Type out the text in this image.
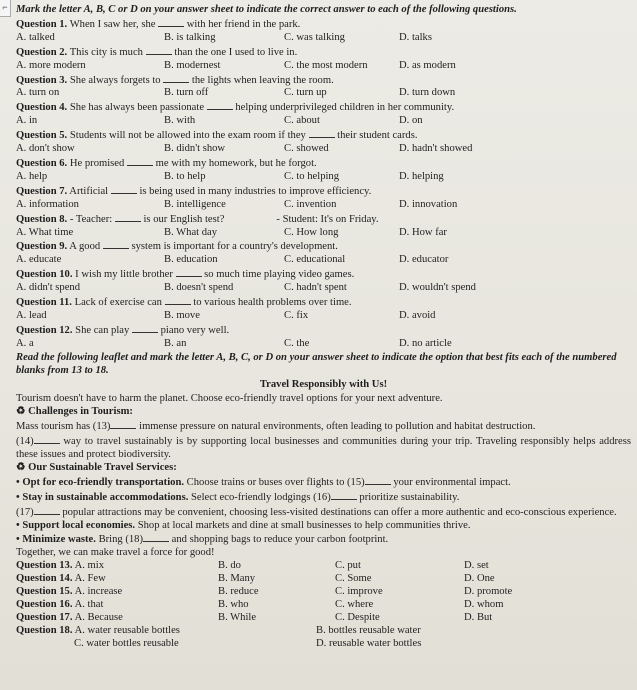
⌐ Mark the letter A, B, C or D on your answer sheet to indicate the correct answer to each of the following questions.

Question 1. When I saw her, she	with her friend in the park.
A. talked	B. is talking	C. was talking	D. talks
Question 2. This city is much	than the one I used to live in.
A. more modern	B. modernest	C. the most modern	D. as modern
Question 3. She always forgets to	the lights when leaving the room.
A. turn on	B. turn off	C. turn up	D. turn down
Question 4. She has always been passionate	helping underprivileged children in her community.
A. in	B. with	C. about	D. on
Question 5. Students will not be allowed into the exam room if they	their student cards.
A. don't show	B. didn't show	C. showed	D. hadn't showed
Question 6. He promised	me with my homework, but he forgot.
A. help	B. to help	C. to helping	D. helping
Question 7. Artificial	is being used in many industries to improve efficiency.
A. information	B. intelligence	C. invention	D. innovation
Question 8. - Teacher:	is our English test?	- Student: It's on Friday.
A. What time	B. What day	C. How long	D. How far
Question 9. A good	system is important for a country's development.
A. educate	B. education	C. educational	D. educator
Question 10. I wish my little brother	so much time playing video games.
A. didn't spend	B. doesn't spend	C. hadn't spent	D. wouldn't spend
Question 11. Lack of exercise can	to various health problems over time.
A. lead	B. move	C. fix	D. avoid
Question 12. She can play	piano very well.
A. a	B. an	C. the	D. no article

Read the following leaflet and mark the letter A, B, C, or D on your answer sheet to indicate the option that best fits each of the numbered blanks from 13 to 18.

Travel Responsibly with Us!
Tourism doesn't have to harm the planet. Choose eco-friendly travel options for your next adventure.
♻ Challenges in Tourism:
Mass tourism has (13)	immense pressure on natural environments, often leading to pollution and habitat destruction.
(14)	way to travel sustainably is by supporting local businesses and communities during your trip. Traveling responsibly helps address these issues and protect biodiversity.
♻ Our Sustainable Travel Services:
• Opt for eco-friendly transportation. Choose trains or buses over flights to (15)	your environmental impact.
• Stay in sustainable accommodations. Select eco-friendly lodgings (16)	prioritize sustainability.
(17)	popular attractions may be convenient, choosing less-visited destinations can offer a more authentic and eco-conscious experience.
• Support local economies. Shop at local markets and dine at small businesses to help communities thrive.
• Minimize waste. Bring (18)	and shopping bags to reduce your carbon footprint.
Together, we can make travel a force for good!
Question 13. A. mix	B. do	C. put	D. set
Question 14. A. Few	B. Many	C. Some	D. One
Question 15. A. increase	B. reduce	C. improve	D. promote
Question 16. A. that	B. who	C. where	D. whom
Question 17. A. Because	B. While	C. Despite	D. But
Question 18. A. water reusable bottles	B. bottles reusable water
C. water bottles reusable	D. reusable water bottles
